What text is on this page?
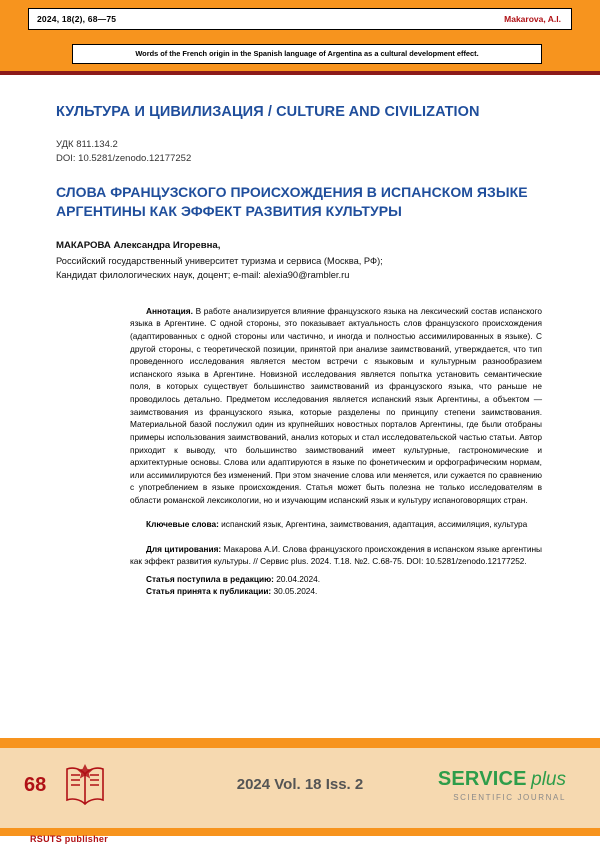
2024, 18(2), 68—75	Makarova, A.I.
Words of the French origin in the Spanish language of Argentina as a cultural development effect.
КУЛЬТУРА И ЦИВИЛИЗАЦИЯ / CULTURE AND CIVILIZATION
УДК 811.134.2
DOI: 10.5281/zenodo.12177252
СЛОВА ФРАНЦУЗСКОГО ПРОИСХОЖДЕНИЯ В ИСПАНСКОМ ЯЗЫКЕ АРГЕНТИНЫ КАК ЭФФЕКТ РАЗВИТИЯ КУЛЬТУРЫ
МАКАРОВА Александра Игоревна,
Российский государственный университет туризма и сервиса (Москва, РФ);
Кандидат филологических наук, доцент; e-mail: alexia90@rambler.ru
Аннотация. В работе анализируется влияние французского языка на лексический состав испанского языка в Аргентине. С одной стороны, это показывает актуальность слов французского происхождения (адаптированных с одной стороны или частично, и иногда и полностью ассимилированных в языке). С другой стороны, с теоретической позиции, принятой при анализе заимствований, утверждается, что тип проведенного исследования является местом встречи с языковым и культурным разнообразием испанского языка в Аргентине. Новизной исследования является попытка установить семантические поля, в которых существует большинство заимствований из французского языка, что раньше не проводилось детально. Предметом исследования является испанский язык Аргентины, а объектом — заимствования из французского языка, которые разделены по принципу степени заимствования. Материальной базой послужил один из крупнейших новостных порталов Аргентины, где были отобраны примеры использования заимствований, анализ которых и стал исследовательской частью статьи. Автор приходит к выводу, что большинство заимствований имеет культурные, гастрономические и архитектурные основы. Слова или адаптируются в языке по фонетическим и орфографическим нормам, или ассимилируются без изменений. При этом значение слова или меняется, или сужается по сравнению с употреблением в языке происхождения. Статья может быть полезна не только исследователям в области романской лексикологии, но и изучающим испанский язык и культуру испаноговорящих стран.
Ключевые слова: испанский язык, Аргентина, заимствования, адаптация, ассимиляция, культура
Для цитирования: Макарова А.И. Слова французского происхождения в испанском языке аргентины как эффект развития культуры. // Сервис plus. 2024. Т.18. №2. С.68-75. DOI: 10.5281/zenodo.12177252.
Статья поступила в редакцию: 20.04.2024.
Статья принята к публикации: 30.05.2024.
68
RSUTS publisher
2024 Vol. 18 Iss. 2	SERVICE plus
SCIENTIFIC JOURNAL
